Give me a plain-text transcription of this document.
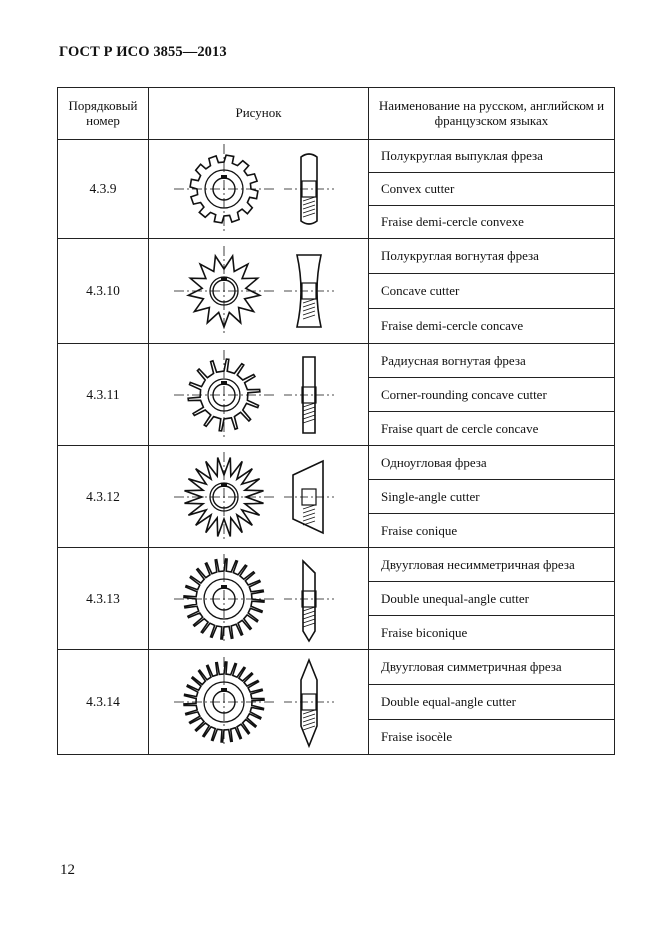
ГОСТ Р ИСО 3855—2013
Порядковый номер	Рисунок	Наименование на русском, английском и французском языках
4.3.9		Полукруглая выпуклая фреза
		Convex cutter
		Fraise demi-cercle convexe
4.3.10		Полукруглая вогнутая фреза
		Concave cutter
		Fraise demi-cercle concave
4.3.11		Радиусная вогнутая фреза
		Corner-rounding concave cutter
		Fraise quart de cercle concave
4.3.12		Одноугловая фреза
		Single-angle cutter
		Fraise conique
4.3.13		Двуугловая несимметричная фреза
		Double unequal-angle cutter
		Fraise biconique
4.3.14		Двуугловая симметричная фреза
		Double equal-angle cutter
		Fraise isocèle
12
